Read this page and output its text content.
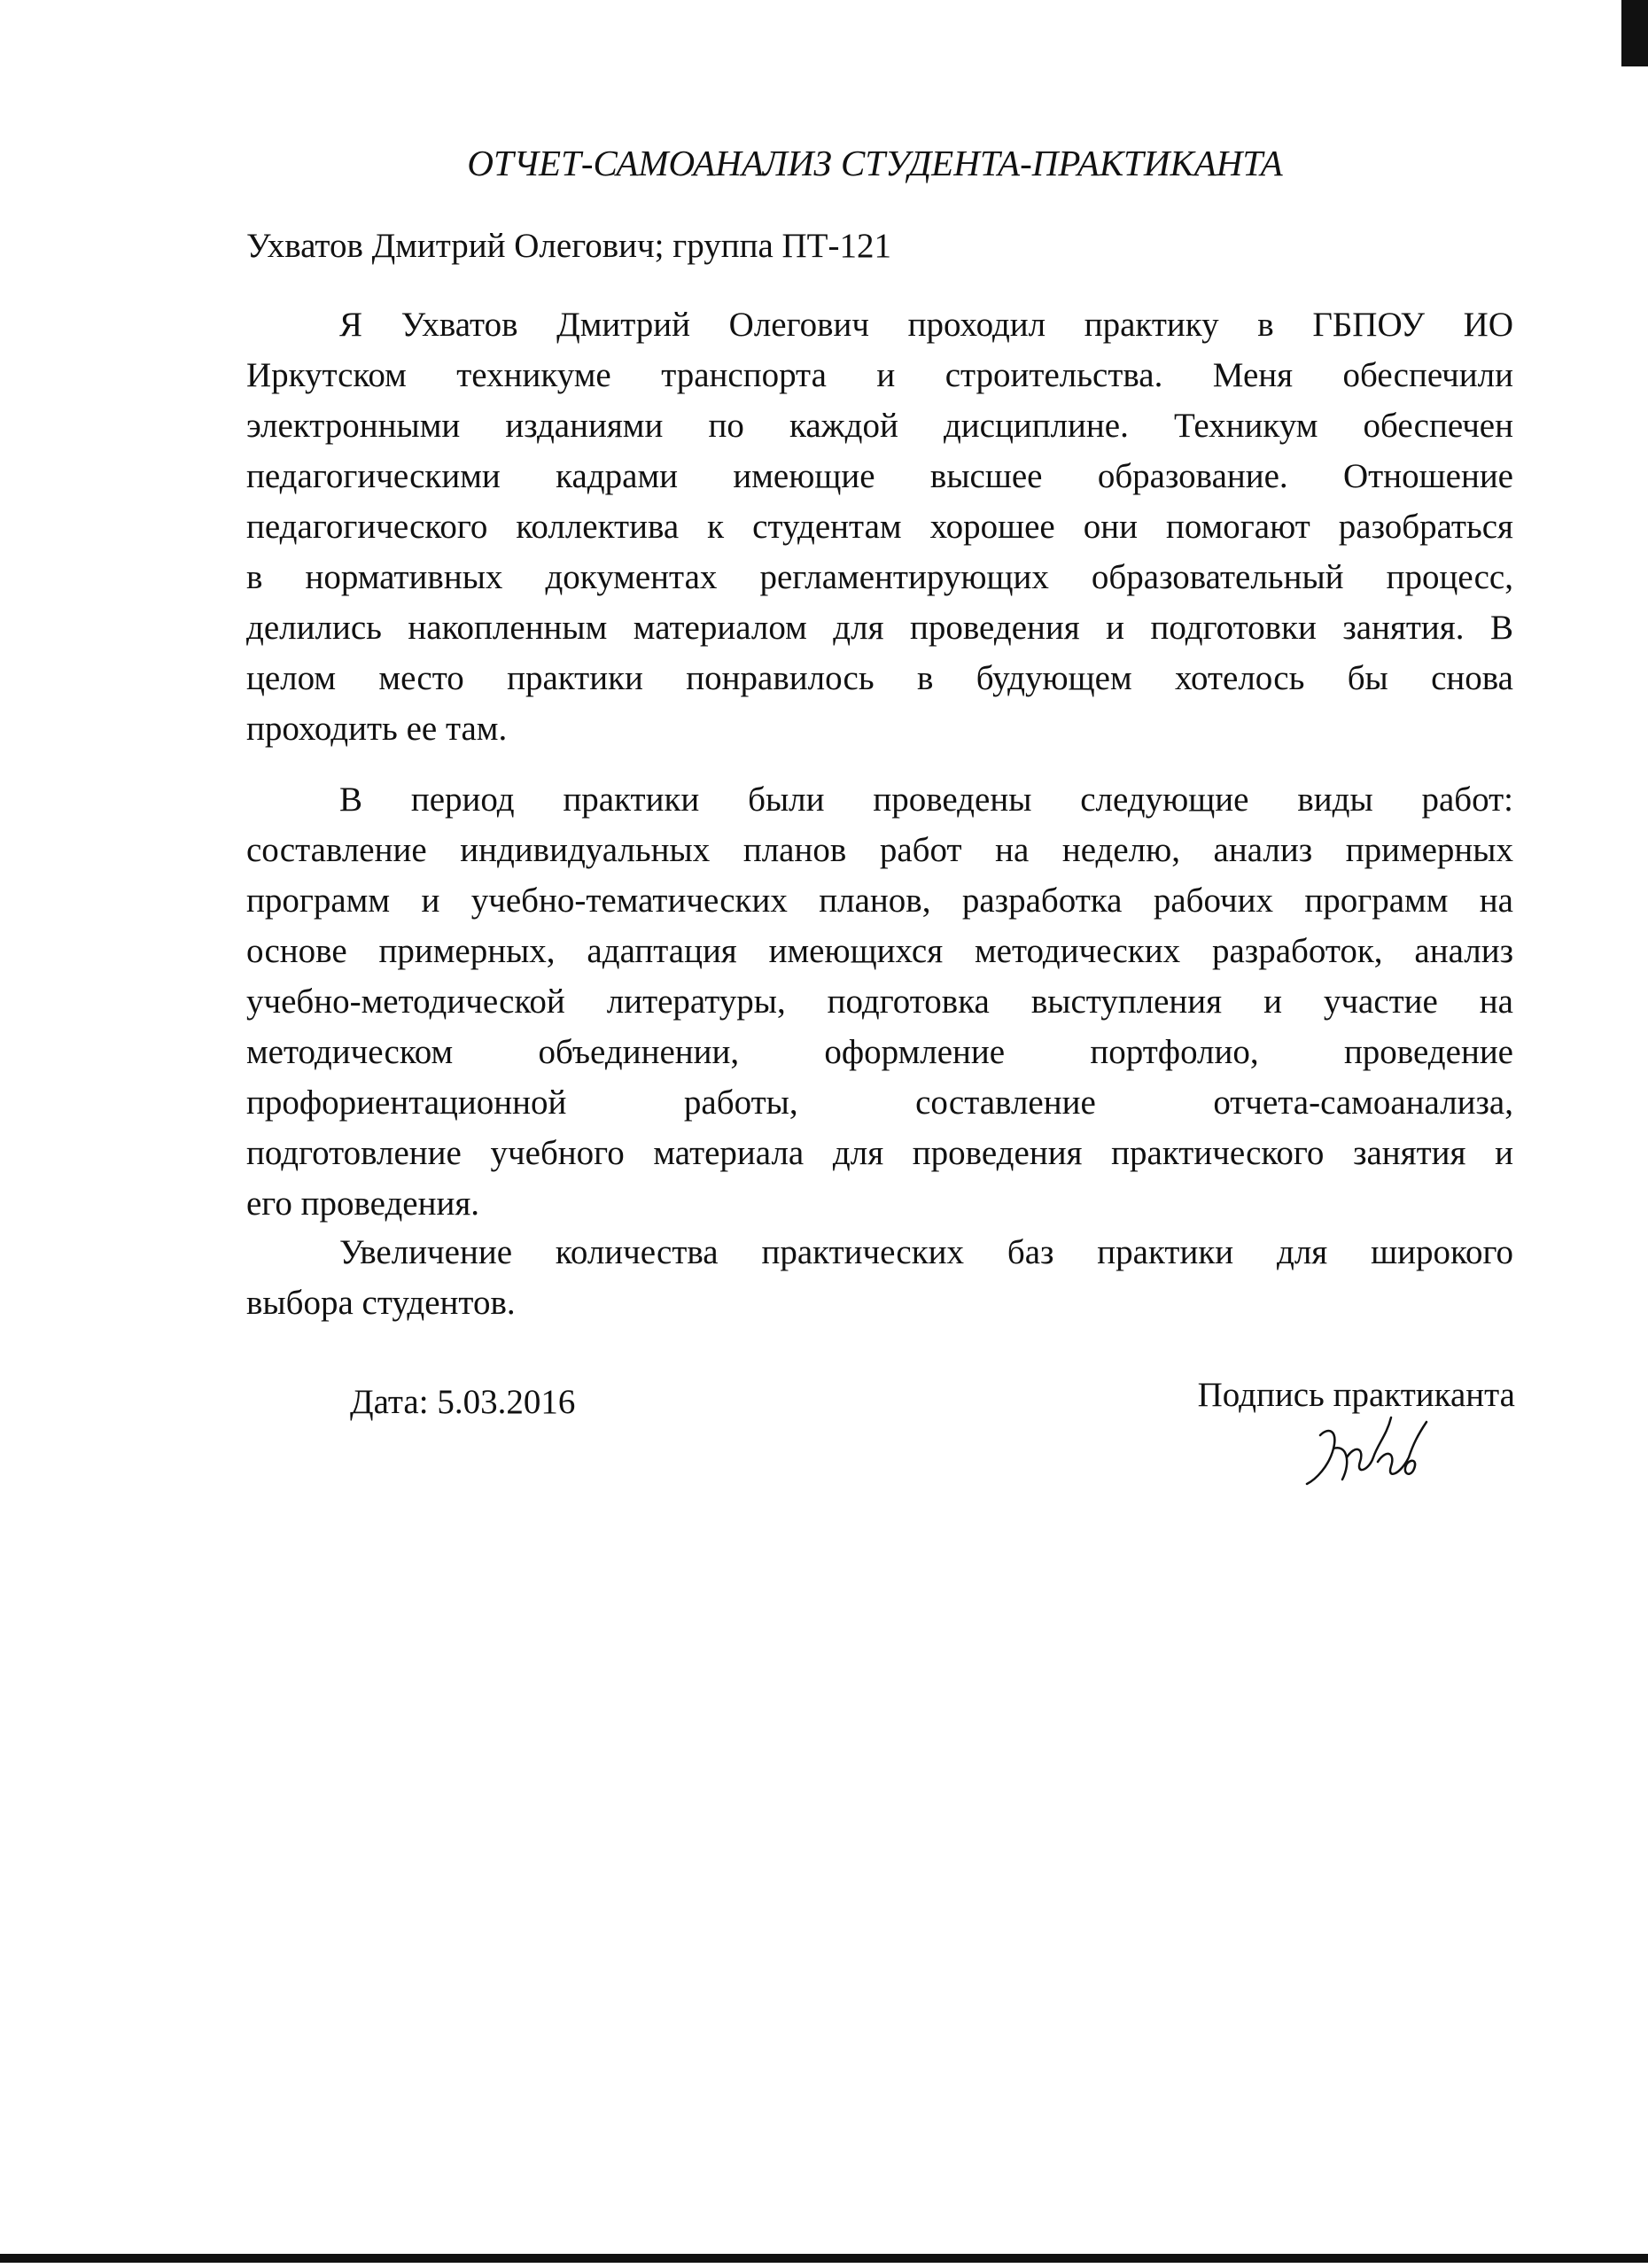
ОТЧЕТ-САМОАНАЛИЗ СТУДЕНТА-ПРАКТИКАНТА
Ухватов Дмитрий Олегович; группа ПТ-121
Я Ухватов Дмитрий Олегович проходил практику в ГБПОУ ИО
Иркутском техникуме транспорта и строительства. Меня обеспечили
электронными изданиями по каждой дисциплине. Техникум обеспечен
педагогическими кадрами имеющие высшее образование. Отношение
педагогического коллектива к студентам хорошее они помогают разобраться
в нормативных документах регламентирующих образовательный процесс,
делились накопленным материалом для проведения и подготовки занятия. В
целом место практики понравилось в будующем хотелось бы снова
проходить ее там.
В период практики были проведены следующие виды работ:
составление индивидуальных планов работ на неделю, анализ примерных
программ и учебно-тематических планов, разработка рабочих программ на
основе примерных, адаптация имеющихся методических разработок, анализ
учебно-методической литературы, подготовка выступления и участие на
методическом объединении, оформление портфолио, проведение
профориентационной работы, составление отчета-самоанализа,
подготовление учебного материала для проведения практического занятия и
его проведения.
Увеличение количества практических баз практики для широкого
выбора студентов.
Дата: 5.03.2016	Подпись практиканта
